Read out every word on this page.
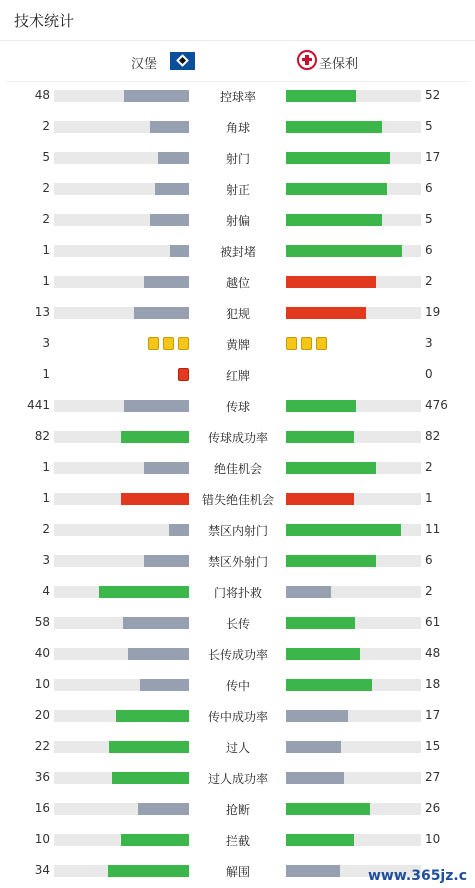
技术统计
汉堡	圣保利
48	控球率	52
2	角球	5
5	射门	17
2	射正	6
2	射偏	5
1	被封堵	6
1	越位	2
13	犯规	19
3	黄牌	3
1	红牌	0
441	传球	476
82	传球成功率	82
1	绝佳机会	2
1	错失绝佳机会	1
2	禁区内射门	11
3	禁区外射门	6
4	门将扑救	2
58	长传	61
40	长传成功率	48
10	传中	18
20	传中成功率	17
22	过人	15
36	过人成功率	27
16	抢断	26
10	拦截	10
34	解围	www.365jz.c
